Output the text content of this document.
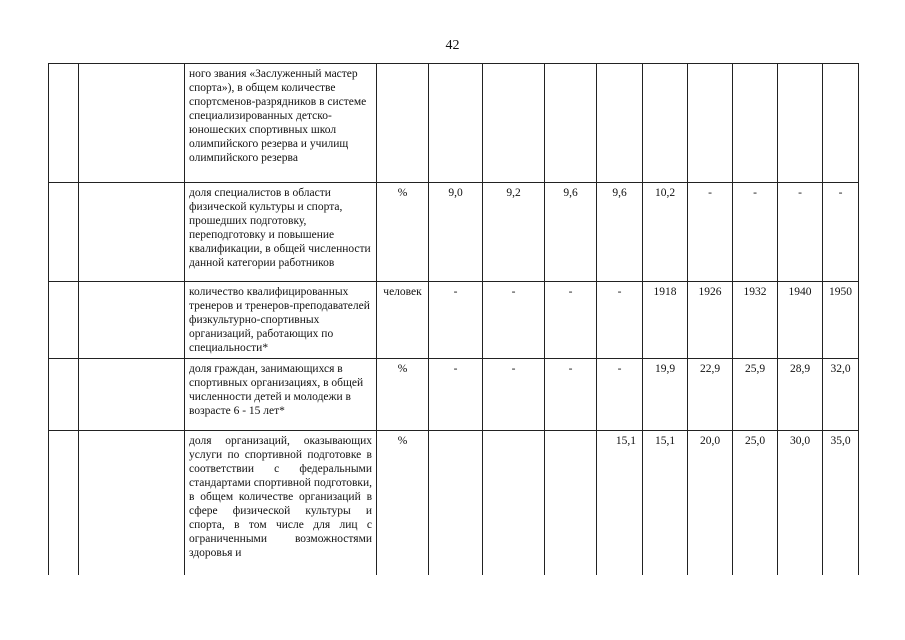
42
		ного звания «Заслуженный мастер спорта»), в общем количестве спортсменов-разрядников в системе специализированных детско-юношеских спортивных школ олимпийского резерва и училищ олимпийского резерва										
		доля специалистов в области физической культуры и спорта, прошедших подготовку, переподготовку и повышение квалификации, в общей численности данной категории работников	%	9,0	9,2	9,6	9,6	10,2	-	-	-	-
		количество квалифицированных тренеров и тренеров-преподавателей физкультурно-спортивных организаций, работающих по специальности*	человек	-	-	-	-	1918	1926	1932	1940	1950
		доля граждан, занимающихся в спортивных организациях, в общей численности детей и молодежи в возрасте 6 - 15 лет*	%	-	-	-	-	19,9	22,9	25,9	28,9	32,0
		доля организаций, оказывающих услуги по спортивной подготовке в соответствии с федеральными стандартами спортивной подготовки, в общем количестве организаций в сфере физической культуры и спорта, в том числе для лиц с ограниченными возможностями здоровья и	%				15,1	15,1	20,0	25,0	30,0	35,0
